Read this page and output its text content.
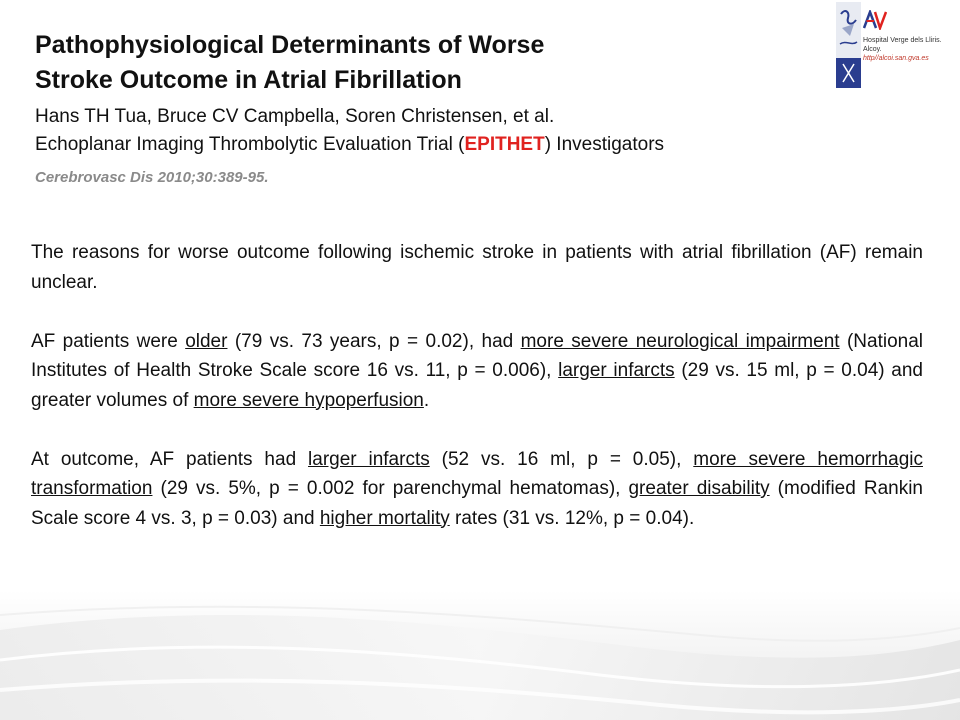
Pathophysiological Determinants of Worse
Stroke Outcome in Atrial Fibrillation
Hans TH Tua, Bruce CV Campbella, Soren Christensen, et al.
Echoplanar Imaging Thrombolytic Evaluation Trial (EPITHET) Investigators
Cerebrovasc Dis 2010;30:389-95.
Hospital Verge dels Lliris.
Alcoy.
http//alcoi.san.gva.es

The reasons for worse outcome following ischemic stroke in patients with atrial fibrillation (AF) remain unclear.

AF patients were older (79 vs. 73 years, p = 0.02), had more severe neurological impairment (National Institutes of Health Stroke Scale score 16 vs. 11, p = 0.006), larger infarcts (29 vs. 15 ml, p = 0.04) and greater volumes of more severe hypoperfusion.

At outcome, AF patients had larger infarcts (52 vs. 16 ml, p = 0.05), more severe hemorrhagic transformation (29 vs. 5%, p = 0.002 for parenchymal hematomas), greater disability (modified Rankin Scale score 4 vs. 3, p = 0.03) and higher mortality rates (31 vs. 12%, p = 0.04).
